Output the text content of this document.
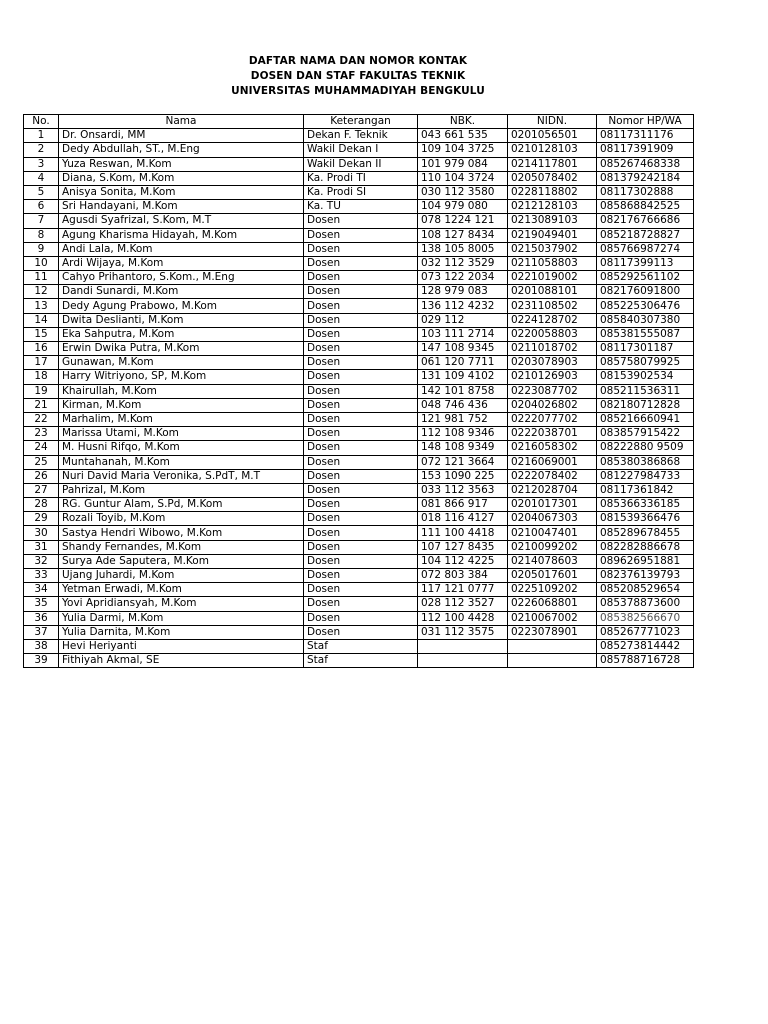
DAFTAR NAMA DAN NOMOR KONTAK
DOSEN DAN STAF FAKULTAS TEKNIK
UNIVERSITAS MUHAMMADIYAH BENGKULU
No.	Nama	Keterangan	NBK.	NIDN.	Nomor HP/WA
1	Dr. Onsardi, MM	Dekan F. Teknik	043 661 535	0201056501	08117311176
2	Dedy Abdullah, ST., M.Eng	Wakil Dekan I	109 104 3725	0210128103	08117391909
3	Yuza Reswan, M.Kom	Wakil Dekan II	101 979 084	0214117801	085267468338
4	Diana, S.Kom, M.Kom	Ka. Prodi TI	110 104 3724	0205078402	081379242184
5	Anisya Sonita, M.Kom	Ka. Prodi SI	030 112 3580	0228118802	08117302888
6	Sri Handayani, M.Kom	Ka. TU	104 979 080	0212128103	085868842525
7	Agusdi Syafrizal, S.Kom, M.T	Dosen	078 1224 121	0213089103	082176766686
8	Agung Kharisma Hidayah, M.Kom	Dosen	108 127 8434	0219049401	085218728827
9	Andi Lala, M.Kom	Dosen	138 105 8005	0215037902	085766987274
10	Ardi Wijaya, M.Kom	Dosen	032 112 3529	0211058803	08117399113
11	Cahyo Prihantoro, S.Kom., M.Eng	Dosen	073 122 2034	0221019002	085292561102
12	Dandi Sunardi, M.Kom	Dosen	128 979 083	0201088101	082176091800
13	Dedy Agung Prabowo, M.Kom	Dosen	136 112 4232	0231108502	085225306476
14	Dwita Deslianti, M.Kom	Dosen	029 112	0224128702	085840307380
15	Eka Sahputra, M.Kom	Dosen	103 111 2714	0220058803	085381555087
16	Erwin Dwika Putra, M.Kom	Dosen	147 108 9345	0211018702	08117301187
17	Gunawan, M.Kom	Dosen	061 120 7711	0203078903	085758079925
18	Harry Witriyono, SP, M.Kom	Dosen	131 109 4102	0210126903	08153902534
19	Khairullah, M.Kom	Dosen	142 101 8758	0223087702	085211536311
21	Kirman, M.Kom	Dosen	048 746 436	0204026802	082180712828
22	Marhalim, M.Kom	Dosen	121 981 752	0222077702	085216660941
23	Marissa Utami, M.Kom	Dosen	112 108 9346	0222038701	083857915422
24	M. Husni Rifqo, M.Kom	Dosen	148 108 9349	0216058302	08222880 9509
25	Muntahanah, M.Kom	Dosen	072 121 3664	0216069001	085380386868
26	Nuri David Maria Veronika, S.PdT, M.T	Dosen	153 1090 225	0222078402	081227984733
27	Pahrizal, M.Kom	Dosen	033 112 3563	0212028704	08117361842
28	RG. Guntur Alam, S.Pd, M.Kom	Dosen	081 866 917	0201017301	085366336185
29	Rozali Toyib, M.Kom	Dosen	018 116 4127	0204067303	081539366476
30	Sastya Hendri Wibowo, M.Kom	Dosen	111 100 4418	0210047401	085289678455
31	Shandy Fernandes, M.Kom	Dosen	107 127 8435	0210099202	082282886678
32	Surya Ade Saputera, M.Kom	Dosen	104 112 4225	0214078603	089626951881
33	Ujang Juhardi, M.Kom	Dosen	072 803 384	0205017601	082376139793
34	Yetman Erwadi, M.Kom	Dosen	117 121 0777	0225109202	085208529654
35	Yovi Apridiansyah, M.Kom	Dosen	028 112 3527	0226068801	085378873600
36	Yulia Darmi, M.Kom	Dosen	112 100 4428	0210067002	085382566670
37	Yulia Darnita, M.Kom	Dosen	031 112 3575	0223078901	085267771023
38	Hevi Heriyanti	Staf			085273814442
39	Fithiyah Akmal, SE	Staf			085788716728
